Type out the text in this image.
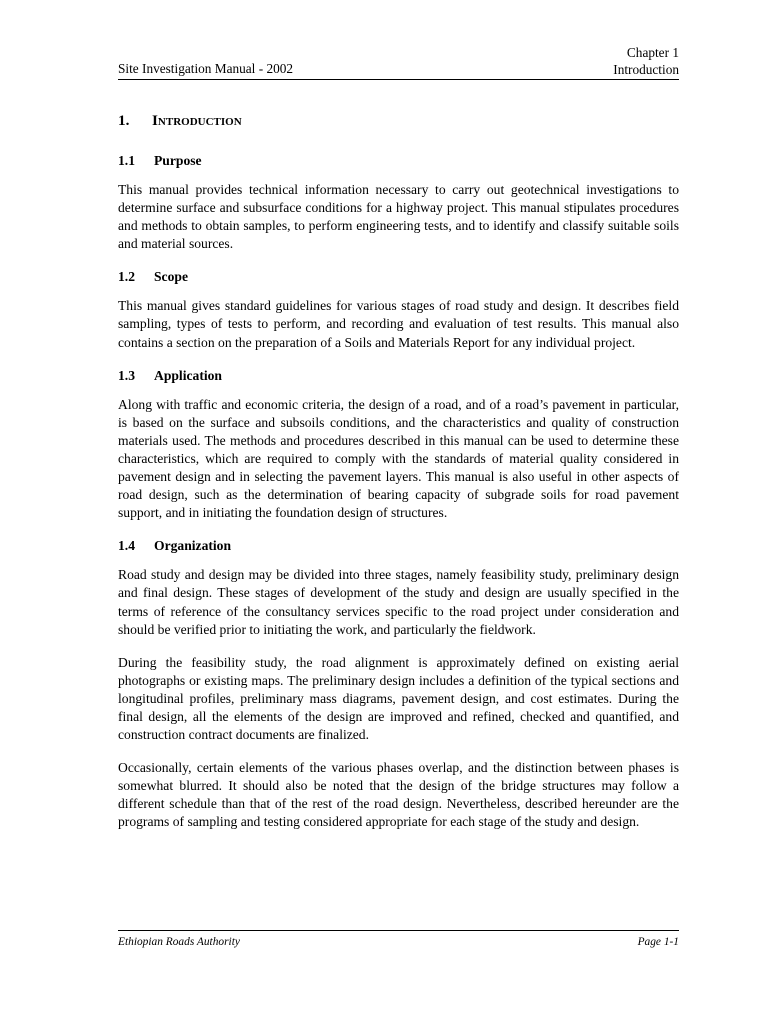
Site Investigation Manual - 2002
Chapter 1
Introduction
1. Introduction
1.1 Purpose

This manual provides technical information necessary to carry out geotechnical investigations to determine surface and subsurface conditions for a highway project. This manual stipulates procedures and methods to obtain samples, to perform engineering tests, and to identify and classify suitable soils and material sources.

1.2 Scope

This manual gives standard guidelines for various stages of road study and design. It describes field sampling, types of tests to perform, and recording and evaluation of test results. This manual also contains a section on the preparation of a Soils and Materials Report for any individual project.

1.3 Application

Along with traffic and economic criteria, the design of a road, and of a road’s pavement in particular, is based on the surface and subsoils conditions, and the characteristics and quality of construction materials used. The methods and procedures described in this manual can be used to determine these characteristics, which are required to comply with the standards of material quality considered in pavement design and in selecting the pavement layers. This manual is also useful in other aspects of road design, such as the determination of bearing capacity of subgrade soils for road pavement support, and in initiating the foundation design of structures.

1.4 Organization

Road study and design may be divided into three stages, namely feasibility study, preliminary design and final design. These stages of development of the study and design are usually specified in the terms of reference of the consultancy services specific to the road project under consideration and should be verified prior to initiating the work, and particularly the fieldwork.

During the feasibility study, the road alignment is approximately defined on existing aerial photographs or existing maps. The preliminary design includes a definition of the typical sections and longitudinal profiles, preliminary mass diagrams, pavement design, and cost estimates. During the final design, all the elements of the design are improved and refined, checked and quantified, and construction contract documents are finalized.

Occasionally, certain elements of the various phases overlap, and the distinction between phases is somewhat blurred. It should also be noted that the design of the bridge structures may follow a different schedule than that of the rest of the road design. Nevertheless, described hereunder are the programs of sampling and testing considered appropriate for each stage of the study and design.

Ethiopian Roads Authority	Page 1-1
